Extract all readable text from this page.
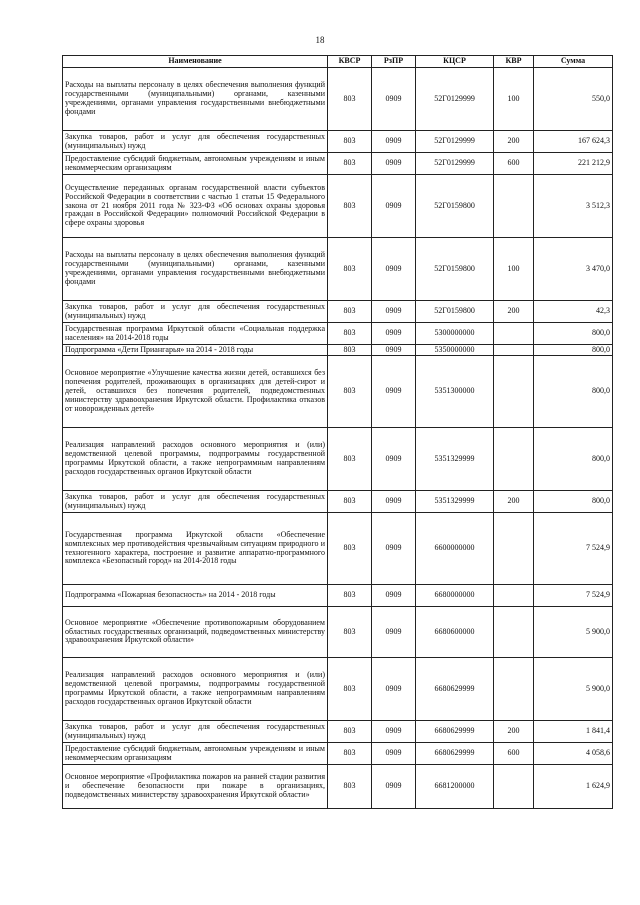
18
Наименование	КВСР	РзПР	КЦСР	КВР	Сумма
Расходы на выплаты персоналу в целях обеспечения выполнения функций государственными (муниципальными) органами, казенными учреждениями, органами управления государственными внебюджетными фондами	803	0909	52Г0129999	100	550,0
Закупка товаров, работ и услуг для обеспечения государственных (муниципальных) нужд	803	0909	52Г0129999	200	167 624,3
Предоставление субсидий бюджетным, автономным учреждениям и иным некоммерческим организациям	803	0909	52Г0129999	600	221 212,9
Осуществление переданных органам государственной власти субъектов Российской Федерации в соответствии с частью 1 статьи 15 Федерального закона от 21 ноября 2011 года № 323-ФЗ «Об основах охраны здоровья граждан в Российской Федерации» полномочий Российской Федерации в сфере охраны здоровья	803	0909	52Г0159800		3 512,3
Расходы на выплаты персоналу в целях обеспечения выполнения функций государственными (муниципальными) органами, казенными учреждениями, органами управления государственными внебюджетными фондами	803	0909	52Г0159800	100	3 470,0
Закупка товаров, работ и услуг для обеспечения государственных (муниципальных) нужд	803	0909	52Г0159800	200	42,3
Государственная программа Иркутской области «Социальная поддержка населения» на 2014-2018 годы	803	0909	5300000000		800,0
Подпрограмма «Дети Приангарья» на 2014 - 2018 годы	803	0909	5350000000		800,0
Основное мероприятие «Улучшение качества жизни детей, оставшихся без попечения родителей, проживающих в организациях для детей-сирот и детей, оставшихся без попечения родителей, подведомственных министерству здравоохранения Иркутской области. Профилактика отказов от новорожденных детей»	803	0909	5351300000		800,0
Реализация направлений расходов основного мероприятия и (или) ведомственной целевой программы, подпрограммы государственной программы Иркутской области, а также непрограммным направлениям расходов государственных органов Иркутской области	803	0909	5351329999		800,0
Закупка товаров, работ и услуг для обеспечения государственных (муниципальных) нужд	803	0909	5351329999	200	800,0
Государственная программа Иркутской области «Обеспечение комплексных мер противодействия чрезвычайным ситуациям природного и техногенного характера, построение и развитие аппаратно-программного комплекса «Безопасный город» на 2014-2018 годы	803	0909	6600000000		7 524,9
Подпрограмма «Пожарная безопасность» на 2014 - 2018 годы	803	0909	6680000000		7 524,9
Основное мероприятие «Обеспечение противопожарным оборудованием областных государственных организаций, подведомственных министерству здравоохранения Иркутской области»	803	0909	6680600000		5 900,0
Реализация направлений расходов основного мероприятия и (или) ведомственной целевой программы, подпрограммы государственной программы Иркутской области, а также непрограммным направлениям расходов государственных органов Иркутской области	803	0909	6680629999		5 900,0
Закупка товаров, работ и услуг для обеспечения государственных (муниципальных) нужд	803	0909	6680629999	200	1 841,4
Предоставление субсидий бюджетным, автономным учреждениям и иным некоммерческим организациям	803	0909	6680629999	600	4 058,6
Основное мероприятие «Профилактика пожаров на ранней стадии развития и обеспечение безопасности при пожаре в организациях, подведомственных министерству здравоохранения Иркутской области»	803	0909	6681200000		1 624,9
